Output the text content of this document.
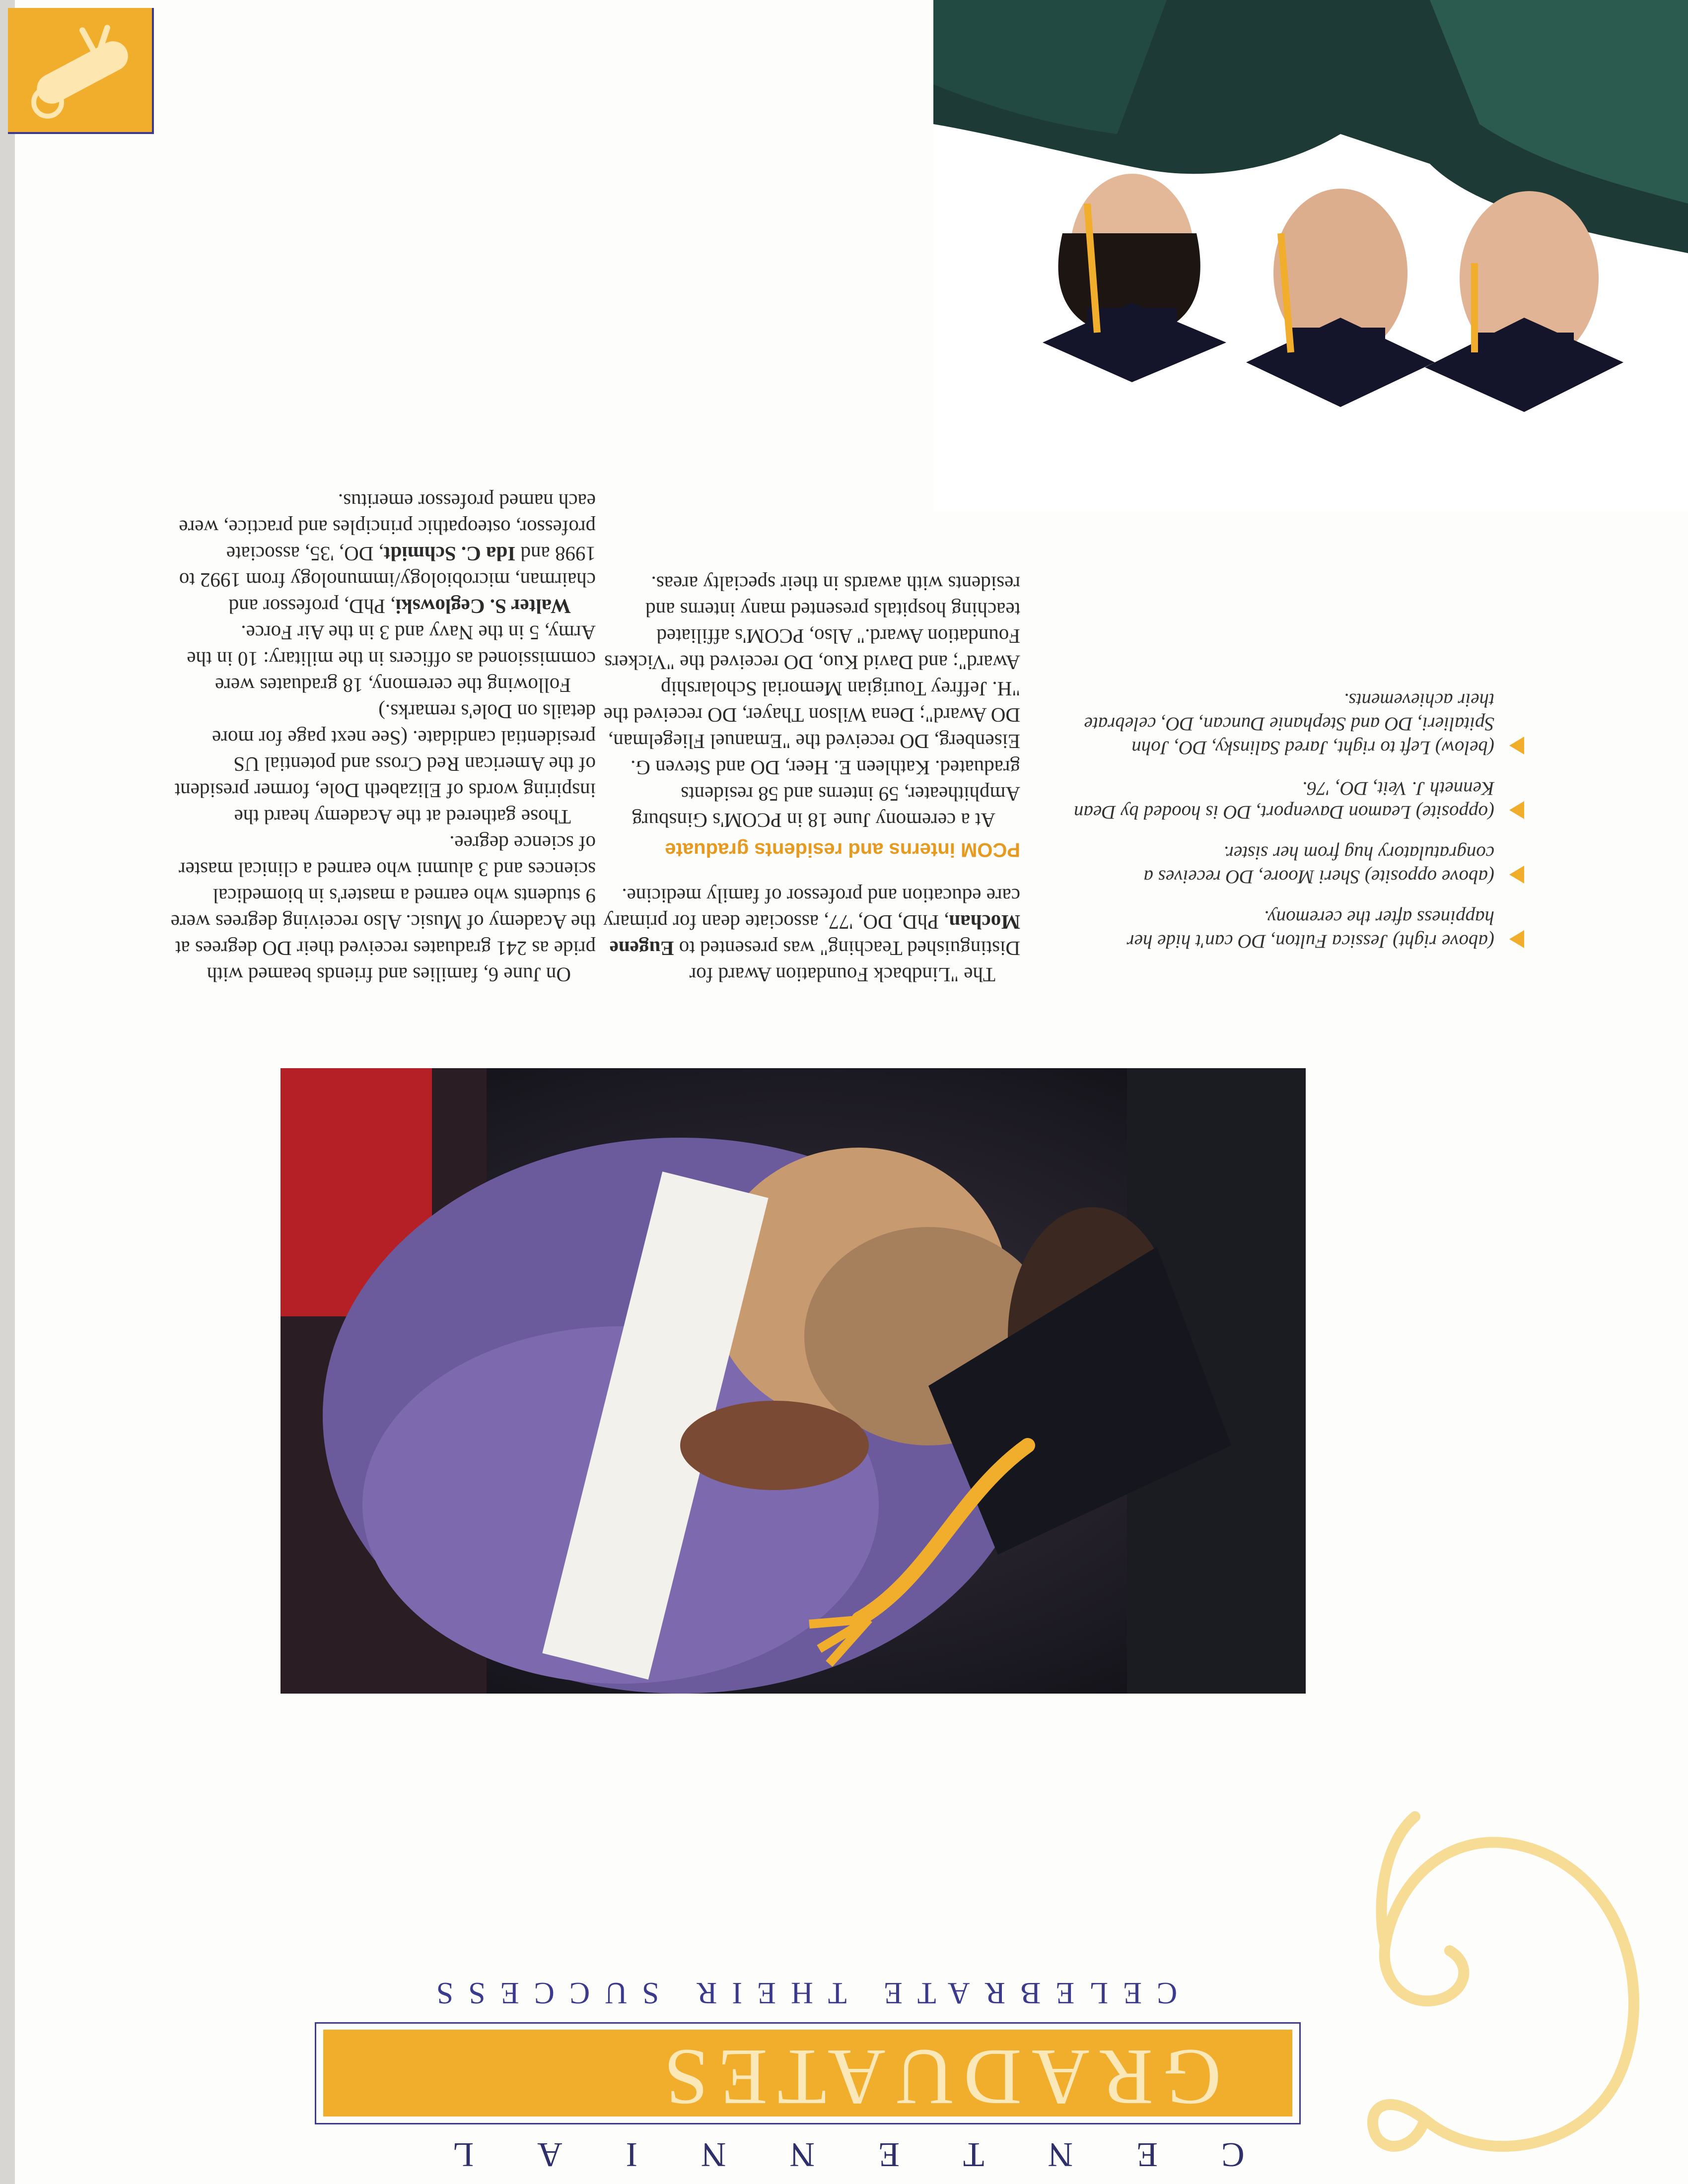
CENTENNIAL
GRADUATES
CELEBRATE THEIR SUCCESS

On June 6, families and friends beamed with pride as 241 graduates received their DO degrees at the Academy of Music. Also receiving degrees were 9 students who earned a master's in biomedical sciences and 3 alumni who earned a clinical master of science degree.

Those gathered at the Academy heard the inspiring words of Elizabeth Dole, former president of the American Red Cross and potential US presidential candidate. (See next page for more details on Dole's remarks.)

Following the ceremony, 18 graduates were commissioned as officers in the military: 10 in the Army, 5 in the Navy and 3 in the Air Force.

Walter S. Ceglowski, PhD, professor and chairman, microbiology/immunology from 1992 to 1998 and Ida C. Schmidt, DO, '35, associate professor, osteopathic principles and practice, were each named professor emeritus.

The "Lindback Foundation Award for Distinguished Teaching" was presented to Eugene Mochan, PhD, DO, '77, associate dean for primary care education and professor of family medicine.

PCOM interns and residents graduate

At a ceremony June 18 in PCOM's Ginsburg Amphitheater, 59 interns and 58 residents graduated. Kathleen E. Heer, DO and Steven G. Eisenberg, DO received the "Emanuel Fliegelman, DO Award"; Dena Wilson Thayer, DO received the "H. Jeffrey Tourigian Memorial Scholarship Award"; and David Kuo, DO received the "Vickers Foundation Award." Also, PCOM's affiliated teaching hospitals presented many interns and residents with awards in their specialty areas.

(above right) Jessica Fulton, DO can't hide her happiness after the ceremony.
(above opposite) Sheri Moore, DO receives a congratulatory hug from her sister.
(opposite) Leamon Davenport, DO is hooded by Dean Kenneth J. Veit, DO, '76.
(below) Left to right, Jared Salinsky, DO, John Spitalieri, DO and Stephanie Duncan, DO, celebrate their achievements.
